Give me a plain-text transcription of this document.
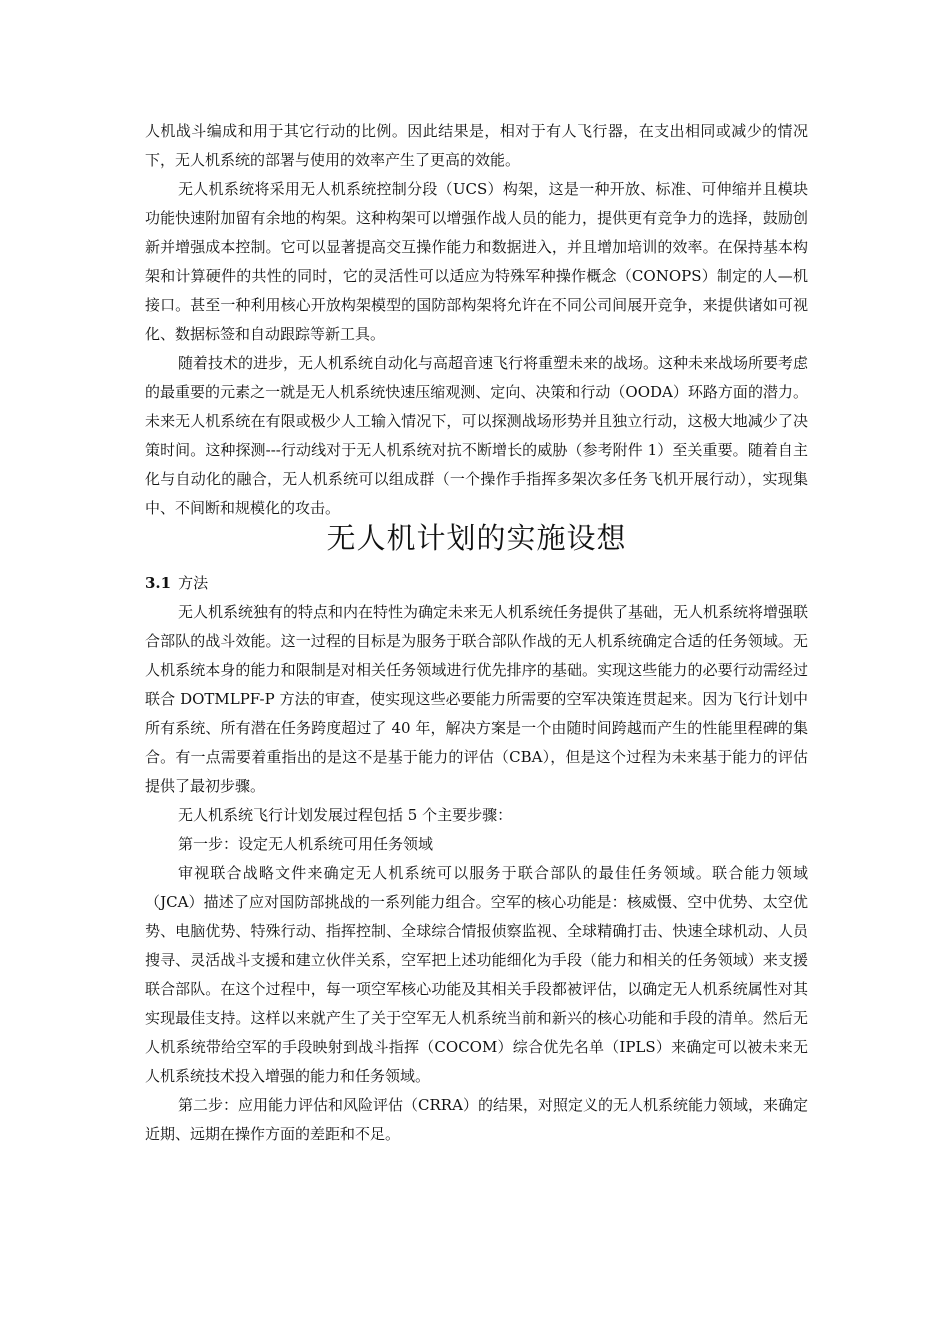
人机战斗编成和用于其它行动的比例。因此结果是，相对于有人飞行器，在支出相同或减少的情况下，无人机系统的部署与使用的效率产生了更高的效能。

无人机系统将采用无人机系统控制分段（UCS）构架，这是一种开放、标准、可伸缩并且模块功能快速附加留有余地的构架。这种构架可以增强作战人员的能力，提供更有竞争力的选择，鼓励创新并增强成本控制。它可以显著提高交互操作能力和数据进入，并且增加培训的效率。在保持基本构架和计算硬件的共性的同时，它的灵活性可以适应为特殊军种操作概念（CONOPS）制定的人—机接口。甚至一种利用核心开放构架模型的国防部构架将允许在不同公司间展开竞争，来提供诸如可视化、数据标签和自动跟踪等新工具。

随着技术的进步，无人机系统自动化与高超音速飞行将重塑未来的战场。这种未来战场所要考虑的最重要的元素之一就是无人机系统快速压缩观测、定向、决策和行动（OODA）环路方面的潜力。未来无人机系统在有限或极少人工输入情况下，可以探测战场形势并且独立行动，这极大地减少了决策时间。这种探测---行动线对于无人机系统对抗不断增长的威胁（参考附件 1）至关重要。随着自主化与自动化的融合，无人机系统可以组成群（一个操作手指挥多架次多任务飞机开展行动），实现集中、不间断和规模化的攻击。

无人机计划的实施设想
3.1 方法

无人机系统独有的特点和内在特性为确定未来无人机系统任务提供了基础，无人机系统将增强联合部队的战斗效能。这一过程的目标是为服务于联合部队作战的无人机系统确定合适的任务领域。无人机系统本身的能力和限制是对相关任务领域进行优先排序的基础。实现这些能力的必要行动需经过联合 DOTMLPF-P 方法的审查，使实现这些必要能力所需要的空军决策连贯起来。因为飞行计划中所有系统、所有潜在任务跨度超过了 40 年，解决方案是一个由随时间跨越而产生的性能里程碑的集合。有一点需要着重指出的是这不是基于能力的评估（CBA），但是这个过程为未来基于能力的评估提供了最初步骤。

无人机系统飞行计划发展过程包括 5 个主要步骤：

第一步：设定无人机系统可用任务领域

审视联合战略文件来确定无人机系统可以服务于联合部队的最佳任务领域。联合能力领域（JCA）描述了应对国防部挑战的一系列能力组合。空军的核心功能是：核威慑、空中优势、太空优势、电脑优势、特殊行动、指挥控制、全球综合情报侦察监视、全球精确打击、快速全球机动、人员搜寻、灵活战斗支援和建立伙伴关系，空军把上述功能细化为手段（能力和相关的任务领域）来支援联合部队。在这个过程中，每一项空军核心功能及其相关手段都被评估，以确定无人机系统属性对其实现最佳支持。这样以来就产生了关于空军无人机系统当前和新兴的核心功能和手段的清单。然后无人机系统带给空军的手段映射到战斗指挥（COCOM）综合优先名单（IPLS）来确定可以被未来无人机系统技术投入增强的能力和任务领域。

第二步：应用能力评估和风险评估（CRRA）的结果，对照定义的无人机系统能力领域，来确定近期、远期在操作方面的差距和不足。
